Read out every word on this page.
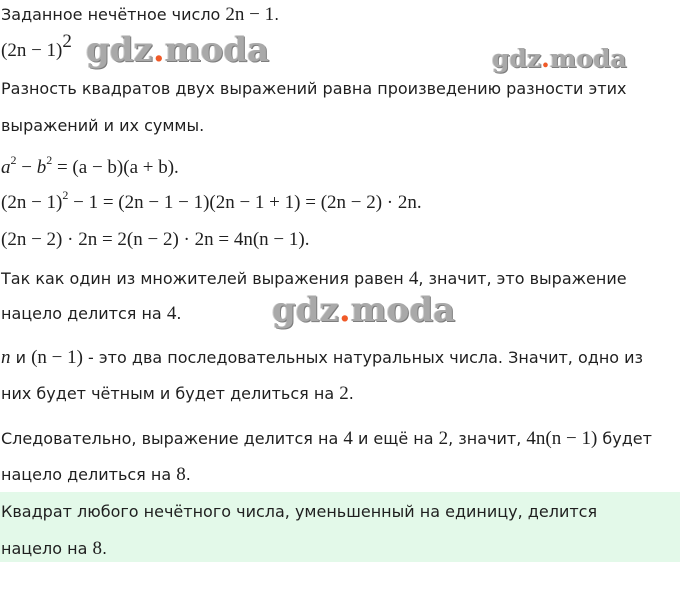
Заданное нечётное число 2n − 1.
$(2n - 1)^2$ gdz.moda	gdz.moda
Разность квадратов двух выражений равна произведению разности этих
выражений и их суммы.
$a^2 - b^2 = (a - b)(a + b)$.
$(2n - 1)^2 - 1 = (2n - 1 - 1)(2n - 1 + 1) = (2n - 2) \cdot 2n$.
(2n − 2) · 2n = 2(n − 2) · 2n = 4n(n − 1).
Так как один из множителей выражения равен 4, значит, это выражение
нацело делится на 4.	gdz.moda
n и (n − 1) - это два последовательных натуральных числа. Значит, одно из
них будет чётным и будет делиться на 2.
Следовательно, выражение делится на 4 и ещё на 2, значит, 4n(n − 1) будет
нацело делиться на 8.
Квадрат любого нечётного числа, уменьшенный на единицу, делится
нацело на 8.
